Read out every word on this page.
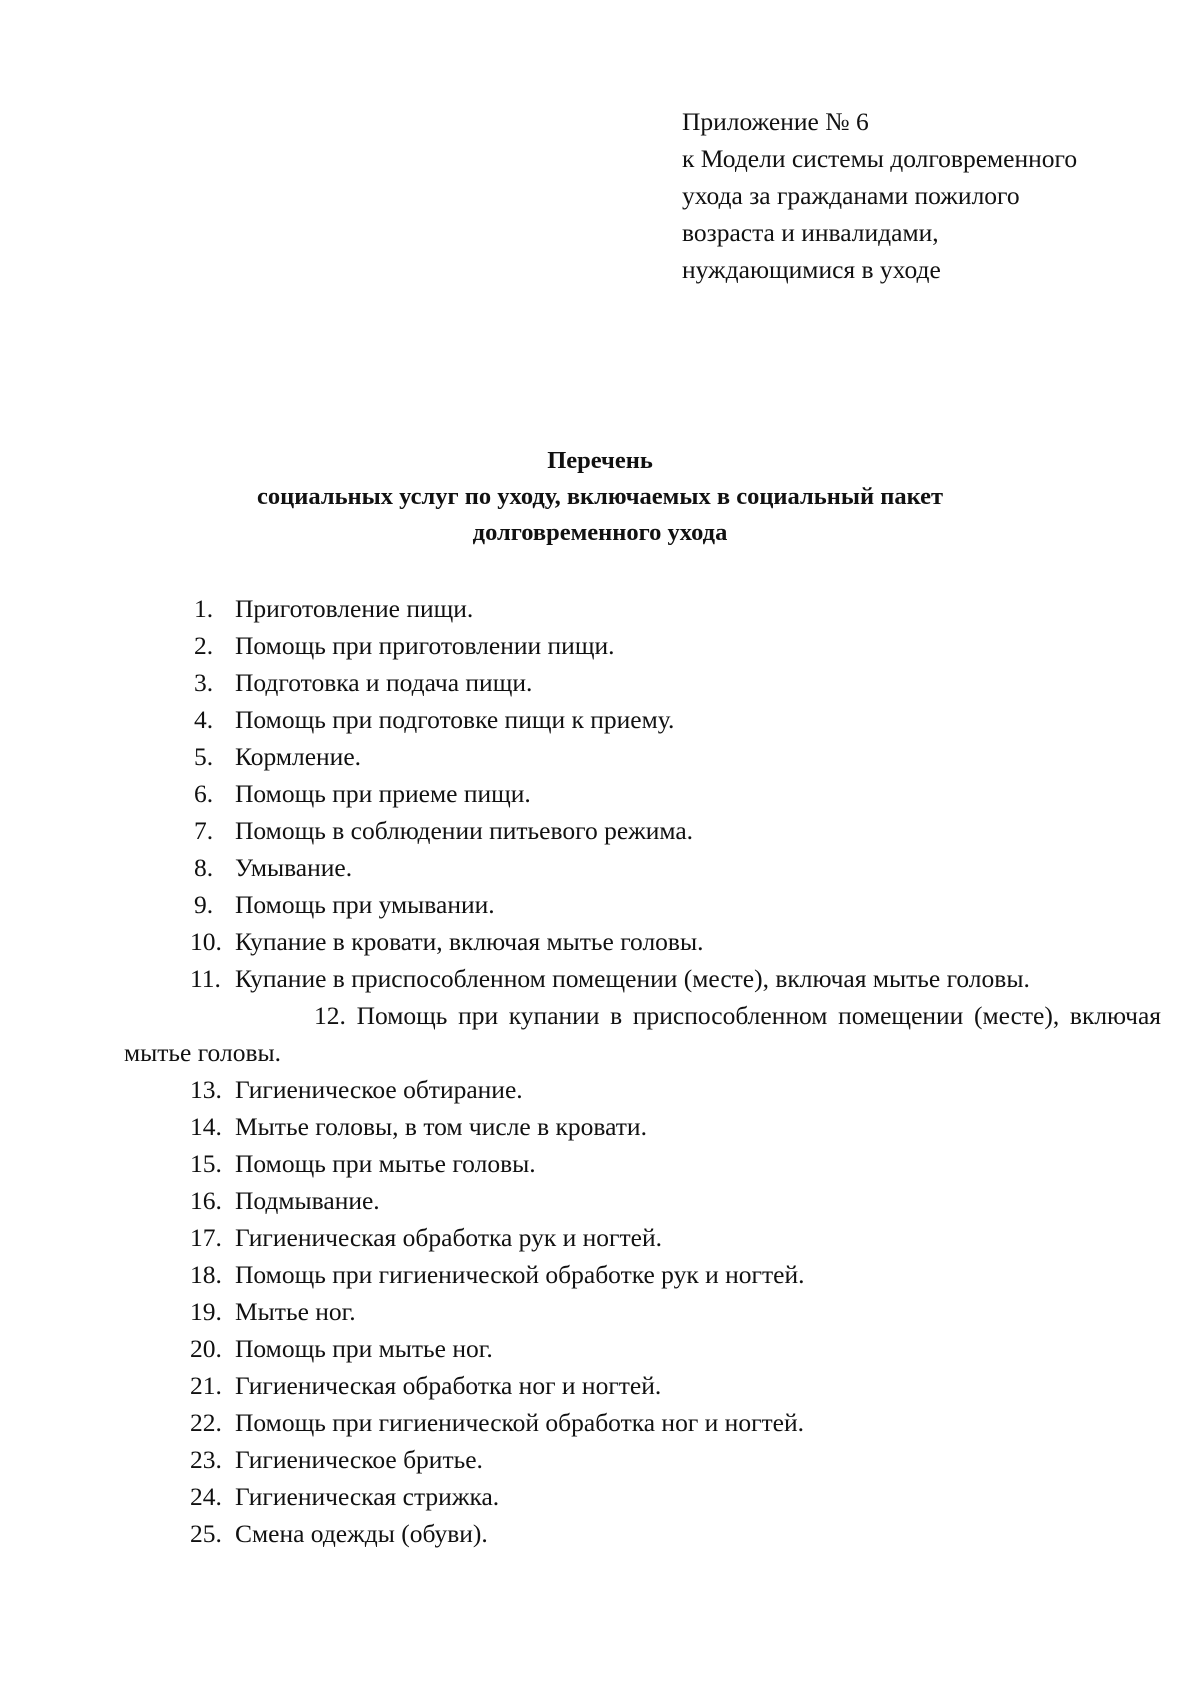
Приложение № 6
к Модели системы долговременного
ухода за гражданами пожилого
возраста и инвалидами,
нуждающимися в уходе
Перечень
социальных услуг по уходу, включаемых в социальный пакет
долговременного ухода
1. Приготовление пищи.
2. Помощь при приготовлении пищи.
3. Подготовка и подача пищи.
4. Помощь при подготовке пищи к приему.
5. Кормление.
6. Помощь при приеме пищи.
7. Помощь в соблюдении питьевого режима.
8. Умывание.
9. Помощь при умывании.
10. Купание в кровати, включая мытье головы.
11. Купание в приспособленном помещении (месте), включая мытье головы.
12. Помощь при купании в приспособленном помещении (месте), включая мытье головы.
13. Гигиеническое обтирание.
14. Мытье головы, в том числе в кровати.
15. Помощь при мытье головы.
16. Подмывание.
17. Гигиеническая обработка рук и ногтей.
18. Помощь при гигиенической обработке рук и ногтей.
19. Мытье ног.
20. Помощь при мытье ног.
21. Гигиеническая обработка ног и ногтей.
22. Помощь при гигиенической обработка ног и ногтей.
23. Гигиеническое бритье.
24. Гигиеническая стрижка.
25. Смена одежды (обуви).
